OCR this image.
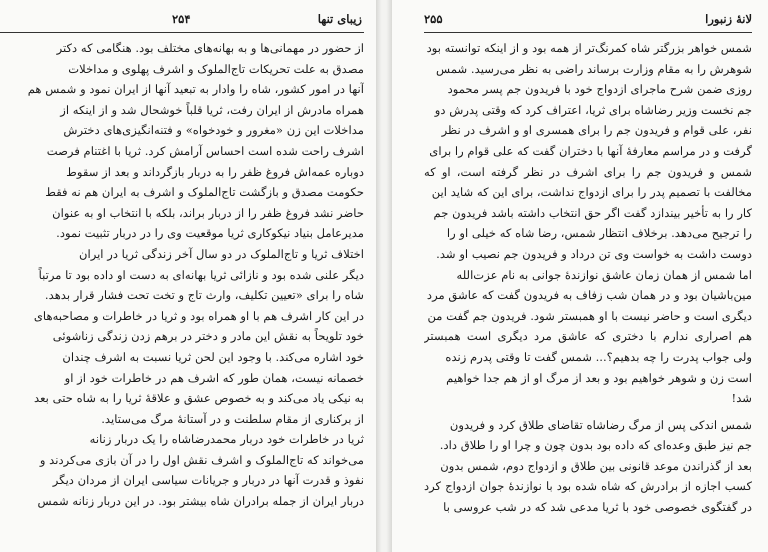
زیبای تنها
۲۵۴
از حضور در مهمانی‌ها و به بهانه‌های مختلف بود. هنگامی که دکتر
مصدق به علت تحریکات تاج‌الملوک و اشرف پهلوی و مداخلات
آنها در امور کشور، شاه را وادار به تبعید آنها از ایران نمود و شمس هم
همراه مادرش از ایران رفت، ثریا قلباً خوشحال شد و از اینکه از
مداخلات این زن «مغرور و خودخواه» و فتنه‌انگیزی‌های دخترش
اشرف راحت شده است احساس آرامش کرد. ثریا با اغتنام فرصت
دوباره عمه‌اش فروغ ظفر را به دربار بازگرداند و بعد از سقوط
حکومت مصدق و بازگشت تاج‌الملوک و اشرف به ایران هم نه فقط
حاضر نشد فروغ ظفر را از دربار براند، بلکه با انتخاب او به عنوان
مدیرعامل بنیاد نیکوکاری ثریا موقعیت وی را در دربار تثبیت نمود.
اختلاف ثریا و تاج‌الملوک در دو سال آخر زندگی ثریا در ایران
دیگر علنی شده بود و نازائی ثریا بهانه‌ای به دست او داده بود تا مرتباً
شاه را برای «تعیین تکلیف، وارث تاج و تخت تحت فشار قرار بدهد.
در این کار اشرف هم با او همراه بود و ثریا در خاطرات و مصاحبه‌های
خود تلویحاً به نقش این مادر و دختر در برهم زدن زندگی زناشوئی
خود اشاره می‌کند. با وجود این لحن ثریا نسبت به اشرف چندان
خصمانه نیست، همان طور که اشرف هم در خاطرات خود از او
به نیکی یاد می‌کند و به خصوص عشق و علاقهٔ ثریا را به شاه حتی بعد
از برکناری از مقام سلطنت و در آستانهٔ مرگ می‌ستاید.
ثریا در خاطرات خود دربار محمدرضاشاه را یک دربار زنانه
می‌خواند که تاج‌الملوک و اشرف نقش اول را در آن بازی می‌کردند و
نفوذ و قدرت آنها در دربار و جریانات سیاسی ایران از مردان دیگر
دربار ایران از جمله برادران شاه بیشتر بود. در این دربار زنانه شمس
لانهٔ زنبورا
۲۵۵
شمس خواهر بزرگتر شاه کمرنگ‌تر از همه بود و از اینکه توانسته بود
شوهرش را به مقام وزارت برساند راضی به نظر می‌رسید. شمس
روزی ضمن شرح ماجرای ازدواج خود با فریدون جم پسر محمود
جم نخست وزیر رضاشاه برای ثریا، اعتراف کرد که وقتی پدرش دو
نفر، علی قوام و فریدون جم را برای همسری او و اشرف در نظر
گرفت و در مراسم معارفهٔ آنها با دختران گفت که علی قوام را برای
شمس و فریدون جم را برای اشرف در نظر گرفته است، او که
مخالفت با تصمیم پدر را برای ازدواج نداشت، برای این که شاید این
کار را به تأخیر بیندازد گفت اگر حق انتخاب داشته باشد فریدون جم
را ترجیح می‌دهد. برخلاف انتظار شمس، رضا شاه که خیلی او را
دوست داشت به خواست وی تن درداد و فریدون جم نصیب او شد.
اما شمس از همان زمان عاشق نوازندهٔ جوانی به نام عزت‌الله
مین‌باشیان بود و در همان شب زفاف به فریدون گفت که عاشق مرد
دیگری است و حاضر نیست با او همبستر شود. فریدون جم گفت من
هم اصراری ندارم با دختری که عاشق مرد دیگری است همبستر
ولی جواب پدرت را چه بدهیم؟... شمس گفت تا وقتی پدرم زنده
است زن و شوهر خواهیم بود و بعد از مرگ او از هم جدا خواهیم
شد!
شمس اندکی پس از مرگ رضاشاه تقاضای طلاق کرد و فریدون
جم نیز طبق وعده‌ای که داده بود بدون چون و چرا او را طلاق داد.
بعد از گذراندن موعد قانونی بین طلاق و ازدواج دوم، شمس بدون
کسب اجازه از برادرش که شاه شده بود با نوازندهٔ جوان ازدواج کرد
در گفتگوی خصوصی خود با ثریا مدعی شد که در شب عروسی با
